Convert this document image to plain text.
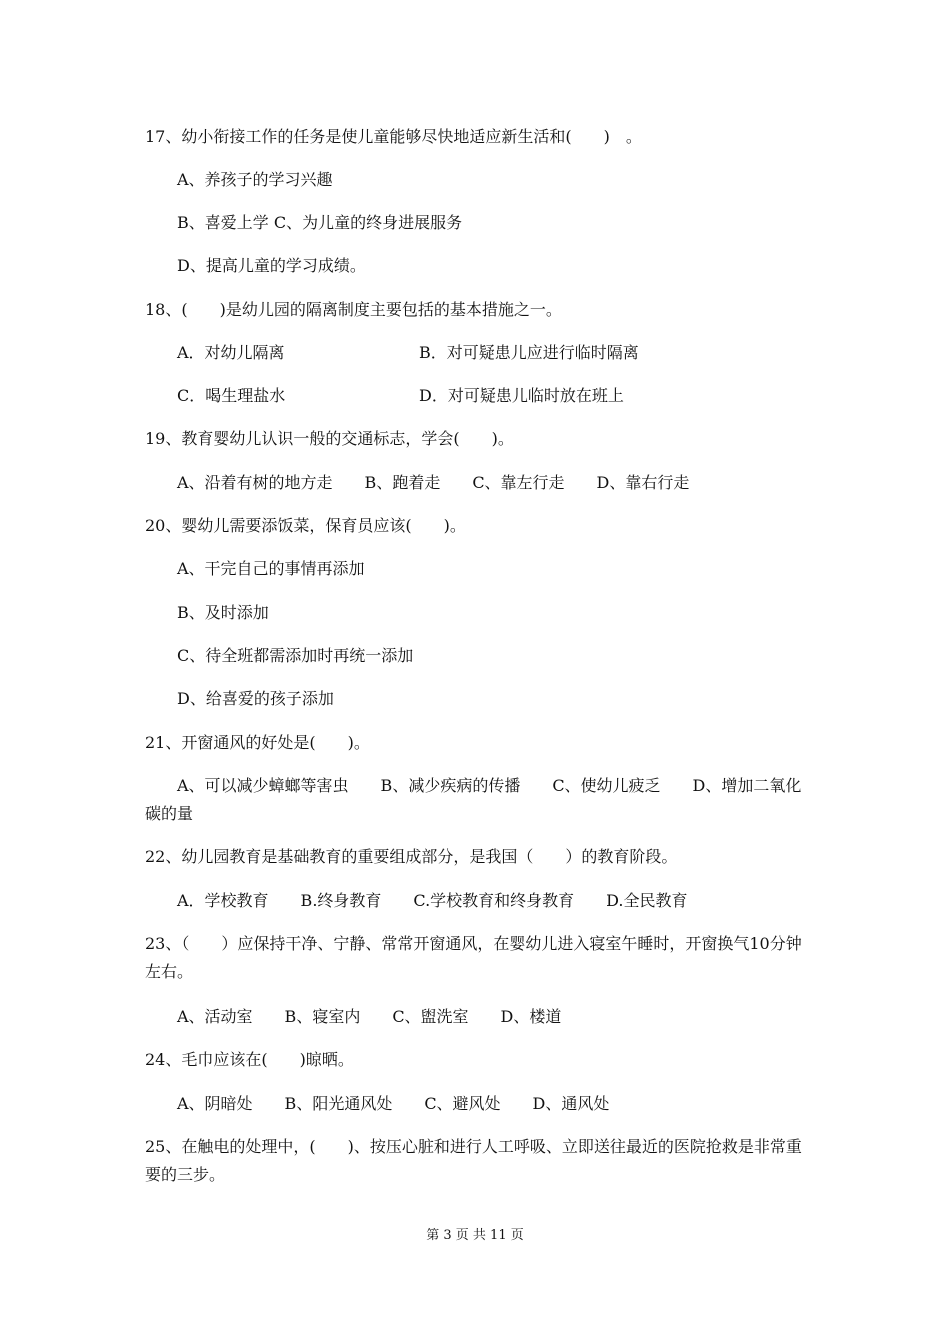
17、幼小衔接工作的任务是使儿童能够尽快地适应新生活和(　　)　。
A、养孩子的学习兴趣
B、喜爱上学 C、为儿童的终身进展服务
D、提高儿童的学习成绩。
18、(　　)是幼儿园的隔离制度主要包括的基本措施之一。
A．对幼儿隔离	B．对可疑患儿应进行临时隔离
C．喝生理盐水	D．对可疑患儿临时放在班上
19、教育婴幼儿认识一般的交通标志，学会(　　)。
A、沿着有树的地方走　　B、跑着走　　C、靠左行走　　D、靠右行走
20、婴幼儿需要添饭菜，保育员应该(　　)。
A、干完自己的事情再添加
B、及时添加
C、待全班都需添加时再统一添加
D、给喜爱的孩子添加
21、开窗通风的好处是(　　)。
A、可以减少蟑螂等害虫　　B、减少疾病的传播　　C、使幼儿疲乏　　D、增加二氧化碳的量
22、幼儿园教育是基础教育的重要组成部分，是我国（　　）的教育阶段。
A．学校教育　　B.终身教育　　C.学校教育和终身教育　　D.全民教育
23、（　　）应保持干净、宁静、常常开窗通风，在婴幼儿进入寝室午睡时，开窗换气10分钟左右。
A、活动室　　B、寝室内　　C、盥洗室　　D、楼道
24、毛巾应该在(　　)晾晒。
A、阴暗处　　B、阳光通风处　　C、避风处　　D、通风处
25、在触电的处理中，(　　)、按压心脏和进行人工呼吸、立即送往最近的医院抢救是非常重要的三步。
第 3 页 共 11 页
